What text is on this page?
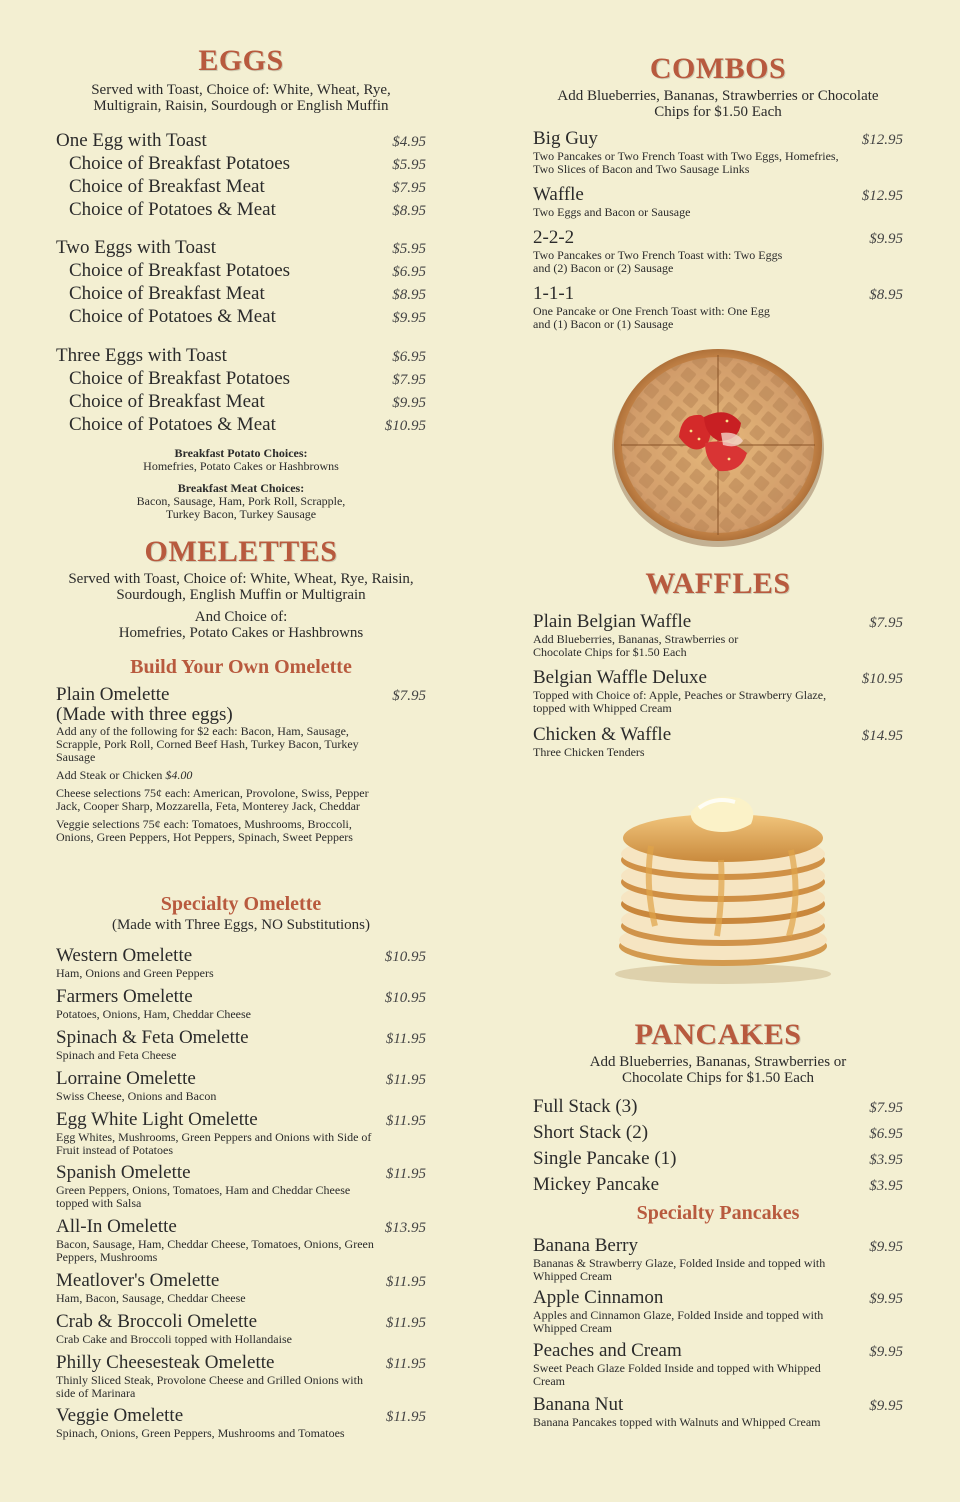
EGGS
Served with Toast, Choice of: White, Wheat, Rye, Multigrain, Raisin, Sourdough or English Muffin
One Egg with Toast	$4.95
Choice of Breakfast Potatoes	$5.95
Choice of Breakfast Meat	$7.95
Choice of Potatoes & Meat	$8.95
Two Eggs with Toast	$5.95
Choice of Breakfast Potatoes	$6.95
Choice of Breakfast Meat	$8.95
Choice of Potatoes & Meat	$9.95
Three Eggs with Toast	$6.95
Choice of Breakfast Potatoes	$7.95
Choice of Breakfast Meat	$9.95
Choice of Potatoes & Meat	$10.95
Breakfast Potato Choices:
Homefries, Potato Cakes or Hashbrowns
Breakfast Meat Choices:
Bacon, Sausage, Ham, Pork Roll, Scrapple,
Turkey Bacon, Turkey Sausage
OMELETTES
Served with Toast, Choice of: White, Wheat, Rye, Raisin, Sourdough, English Muffin or Multigrain
And Choice of:
Homefries, Potato Cakes or Hashbrowns
Build Your Own Omelette
Plain Omelette	$7.95
(Made with three eggs)
Add any of the following for $2 each: Bacon, Ham, Sausage, Scrapple, Pork Roll, Corned Beef Hash, Turkey Bacon, Turkey Sausage
Add Steak or Chicken $4.00
Cheese selections 75¢ each: American, Provolone, Swiss, Pepper Jack, Cooper Sharp, Mozzarella, Feta, Monterey Jack, Cheddar
Veggie selections 75¢ each: Tomatoes, Mushrooms, Broccoli, Onions, Green Peppers, Hot Peppers, Spinach, Sweet Peppers
Specialty Omelette
(Made with Three Eggs, NO Substitutions)
Western Omelette	$10.95
Ham, Onions and Green Peppers
Farmers Omelette	$10.95
Potatoes, Onions, Ham, Cheddar Cheese
Spinach & Feta Omelette	$11.95
Spinach and Feta Cheese
Lorraine Omelette	$11.95
Swiss Cheese, Onions and Bacon
Egg White Light Omelette	$11.95
Egg Whites, Mushrooms, Green Peppers and Onions with Side of Fruit instead of Potatoes
Spanish Omelette	$11.95
Green Peppers, Onions, Tomatoes, Ham and Cheddar Cheese topped with Salsa
All-In Omelette	$13.95
Bacon, Sausage, Ham, Cheddar Cheese, Tomatoes, Onions, Green Peppers, Mushrooms
Meatlover's Omelette	$11.95
Ham, Bacon, Sausage, Cheddar Cheese
Crab & Broccoli Omelette	$11.95
Crab Cake and Broccoli topped with Hollandaise
Philly Cheesesteak Omelette	$11.95
Thinly Sliced Steak, Provolone Cheese and Grilled Onions with side of Marinara
Veggie Omelette	$11.95
Spinach, Onions, Green Peppers, Mushrooms and Tomatoes
COMBOS
Add Blueberries, Bananas, Strawberries or Chocolate Chips for $1.50 Each
Big Guy	$12.95
Two Pancakes or Two French Toast with Two Eggs, Homefries, Two Slices of Bacon and Two Sausage Links
Waffle	$12.95
Two Eggs and Bacon or Sausage
2-2-2	$9.95
Two Pancakes or Two French Toast with: Two Eggs and (2) Bacon or (2) Sausage
1-1-1	$8.95
One Pancake or One French Toast with: One Egg and (1) Bacon or (1) Sausage
WAFFLES
Plain Belgian Waffle	$7.95
Add Blueberries, Bananas, Strawberries or Chocolate Chips for $1.50 Each
Belgian Waffle Deluxe	$10.95
Topped with Choice of: Apple, Peaches or Strawberry Glaze, topped with Whipped Cream
Chicken & Waffle	$14.95
Three Chicken Tenders
PANCAKES
Add Blueberries, Bananas, Strawberries or Chocolate Chips for $1.50 Each
Full Stack (3)	$7.95
Short Stack (2)	$6.95
Single Pancake (1)	$3.95
Mickey Pancake	$3.95
Specialty Pancakes
Banana Berry	$9.95
Bananas & Strawberry Glaze, Folded Inside and topped with Whipped Cream
Apple Cinnamon	$9.95
Apples and Cinnamon Glaze, Folded Inside and topped with Whipped Cream
Peaches and Cream	$9.95
Sweet Peach Glaze Folded Inside and topped with Whipped Cream
Banana Nut	$9.95
Banana Pancakes topped with Walnuts and Whipped Cream
